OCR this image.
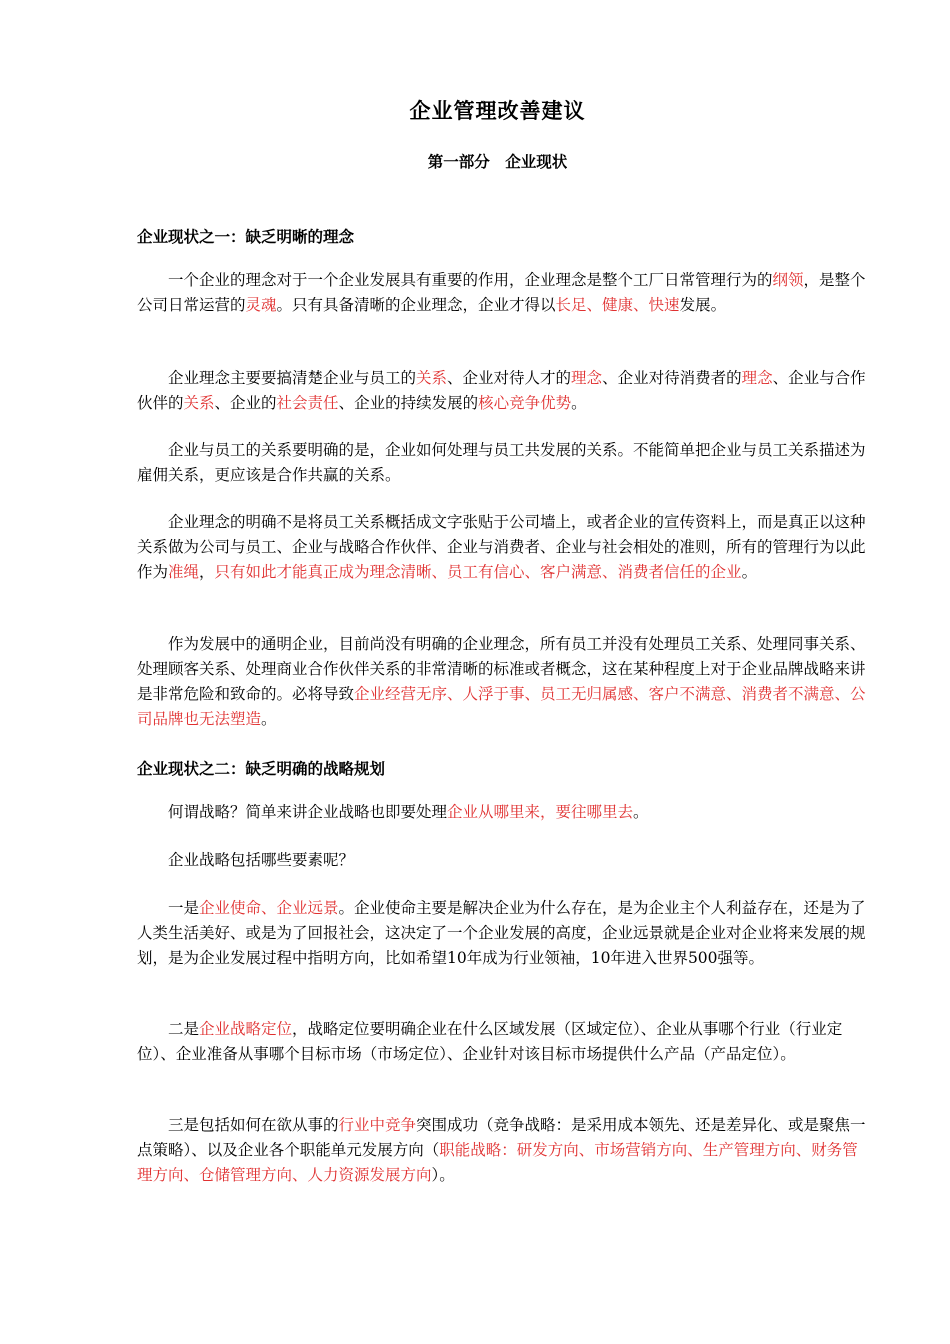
企业管理改善建议
第一部分　企业现状
企业现状之一：缺乏明晰的理念

　　一个企业的理念对于一个企业发展具有重要的作用，企业理念是整个工厂日常管理行为的纲领，是整个公司日常运营的灵魂。只有具备清晰的企业理念，企业才得以长足、健康、快速发展。

　　企业理念主要要搞清楚企业与员工的关系、企业对待人才的理念、企业对待消费者的理念、企业与合作伙伴的关系、企业的社会责任、企业的持续发展的核心竞争优势。

　　企业与员工的关系要明确的是，企业如何处理与员工共发展的关系。不能简单把企业与员工关系描述为雇佣关系，更应该是合作共赢的关系。

　　企业理念的明确不是将员工关系概括成文字张贴于公司墙上，或者企业的宣传资料上，而是真正以这种关系做为公司与员工、企业与战略合作伙伴、企业与消费者、企业与社会相处的准则，所有的管理行为以此作为准绳，只有如此才能真正成为理念清晰、员工有信心、客户满意、消费者信任的企业。

　　作为发展中的通明企业，目前尚没有明确的企业理念，所有员工并没有处理员工关系、处理同事关系、处理顾客关系、处理商业合作伙伴关系的非常清晰的标准或者概念，这在某种程度上对于企业品牌战略来讲是非常危险和致命的。必将导致企业经营无序、人浮于事、员工无归属感、客户不满意、消费者不满意、公司品牌也无法塑造。

企业现状之二：缺乏明确的战略规划

　　何谓战略？简单来讲企业战略也即要处理企业从哪里来，要往哪里去。

　　企业战略包括哪些要素呢？

　　一是企业使命、企业远景。企业使命主要是解决企业为什么存在，是为企业主个人利益存在，还是为了人类生活美好、或是为了回报社会，这决定了一个企业发展的高度，企业远景就是企业对企业将来发展的规划，是为企业发展过程中指明方向，比如希望10年成为行业领袖，10年进入世界500强等。

　　二是企业战略定位，战略定位要明确企业在什么区域发展（区域定位）、企业从事哪个行业（行业定位）、企业准备从事哪个目标市场（市场定位）、企业针对该目标市场提供什么产品（产品定位）。

　　三是包括如何在欲从事的行业中竞争突围成功（竞争战略：是采用成本领先、还是差异化、或是聚焦一点策略）、以及企业各个职能单元发展方向（职能战略：研发方向、市场营销方向、生产管理方向、财务管理方向、仓储管理方向、人力资源发展方向）。
